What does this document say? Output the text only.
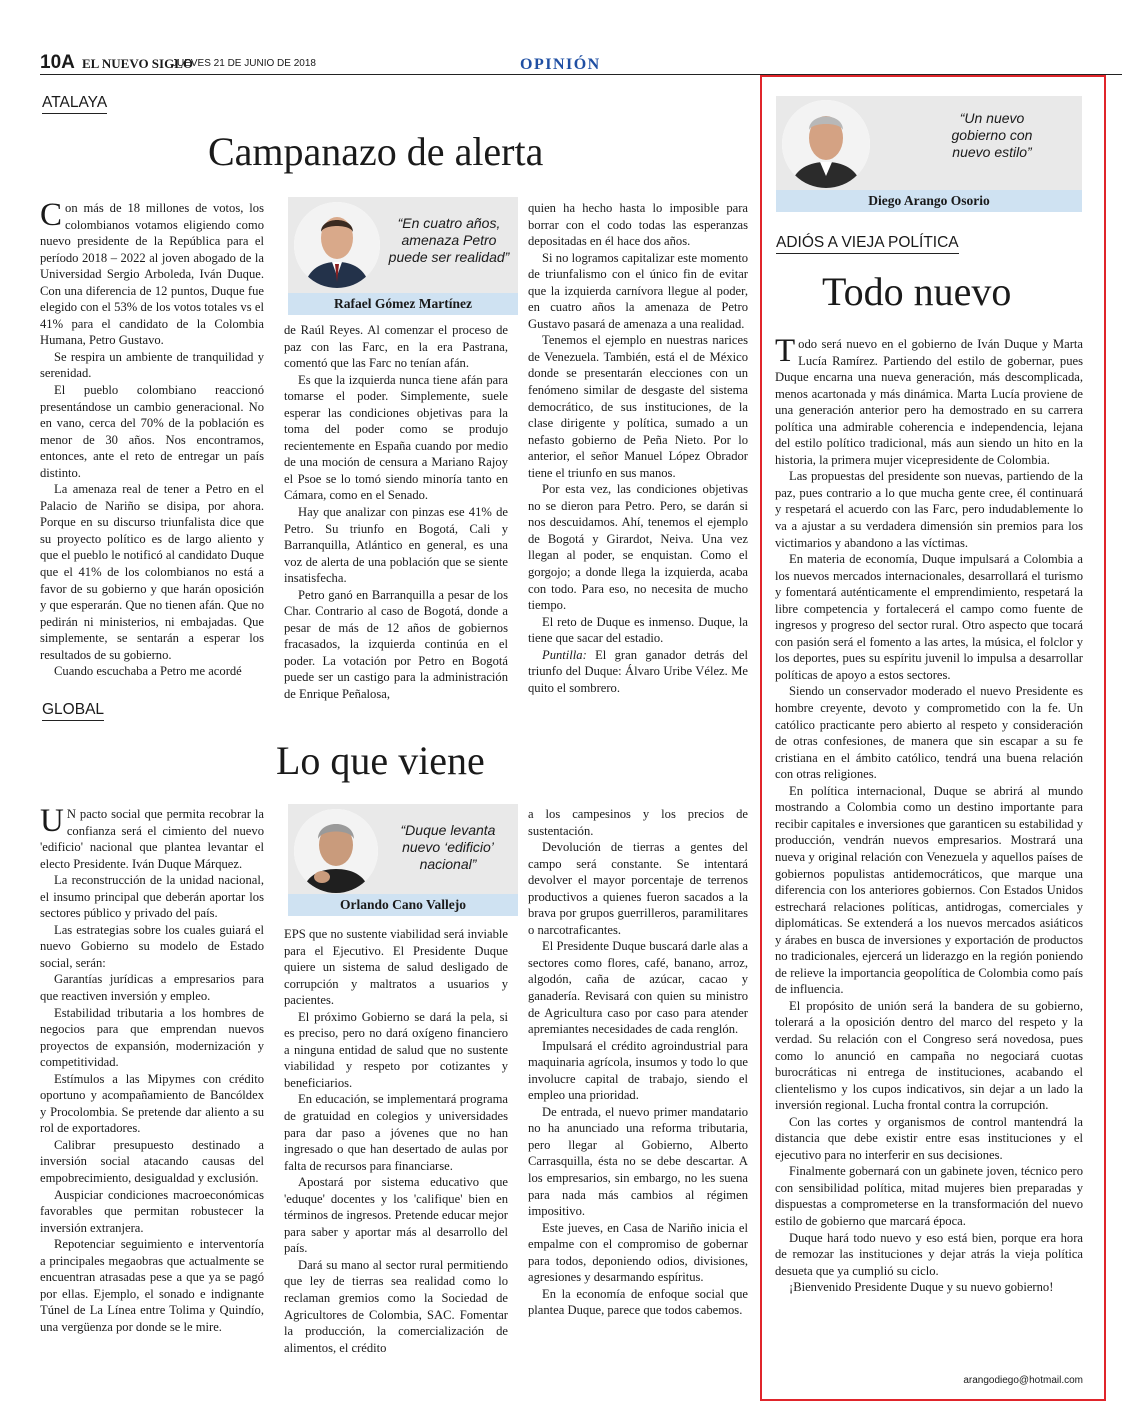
10A EL NUEVO SIGLO
JUEVES 21 DE JUNIO DE 2018	OPINIÓN
ATALAYA
Campanazo de alerta
“En cuatro años, amenaza Petro puede ser realidad”
Rafael Gómez Martínez

Con más de 18 millones de votos, los colombianos votamos eligiendo como nuevo presidente de la República para el período 2018 – 2022 al joven abogado de la Universidad Sergio Arboleda, Iván Duque. Con una diferencia de 12 puntos, Duque fue elegido con el 53% de los votos totales vs el 41% para el candidato de la Colombia Humana, Petro Gustavo.

Se respira un ambiente de tranquilidad y serenidad.

El pueblo colombiano reaccionó presentándose un cambio generacional. No en vano, cerca del 70% de la población es menor de 30 años. Nos encontramos, entonces, ante el reto de entregar un país distinto.

La amenaza real de tener a Petro en el Palacio de Nariño se disipa, por ahora. Porque en su discurso triunfalista dice que su proyecto político es de largo aliento y que el pueblo le notificó al candidato Duque que el 41% de los colombianos no está a favor de su gobierno y que harán oposición y que esperarán. Que no tienen afán. Que no pedirán ni ministerios, ni embajadas. Que simplemente, se sentarán a esperar los resultados de su gobierno.

Cuando escuchaba a Petro me acordé

de Raúl Reyes. Al comenzar el proceso de paz con las Farc, en la era Pastrana, comentó que las Farc no tenían afán.

Es que la izquierda nunca tiene afán para tomarse el poder. Simplemente, suele esperar las condiciones objetivas para la toma del poder como se produjo recientemente en España cuando por medio de una moción de censura a Mariano Rajoy el Psoe se lo tomó siendo minoría tanto en Cámara, como en el Senado.

Hay que analizar con pinzas ese 41% de Petro. Su triunfo en Bogotá, Cali y Barranquilla, Atlántico en general, es una voz de alerta de una población que se siente insatisfecha.

Petro ganó en Barranquilla a pesar de los Char. Contrario al caso de Bogotá, donde a pesar de más de 12 años de gobiernos fracasados, la izquierda continúa en el poder. La votación por Petro en Bogotá puede ser un castigo para la administración de Enrique Peñalosa,

quien ha hecho hasta lo imposible para borrar con el codo todas las esperanzas depositadas en él hace dos años.

Si no logramos capitalizar este momento de triunfalismo con el único fin de evitar que la izquierda carnívora llegue al poder, en cuatro años la amenaza de Petro Gustavo pasará de amenaza a una realidad.

Tenemos el ejemplo en nuestras narices de Venezuela. También, está el de México donde se presentarán elecciones con un fenómeno similar de desgaste del sistema democrático, de sus instituciones, de la clase dirigente y política, sumado a un nefasto gobierno de Peña Nieto. Por lo anterior, el señor Manuel López Obrador tiene el triunfo en sus manos.

Por esta vez, las condiciones objetivas no se dieron para Petro. Pero, se darán si nos descuidamos. Ahí, tenemos el ejemplo de Bogotá y Girardot, Neiva. Una vez llegan al poder, se enquistan. Como el gorgojo; a donde llega la izquierda, acaba con todo. Para eso, no necesita de mucho tiempo.

El reto de Duque es inmenso. Duque, la tiene que sacar del estadio.

Puntilla: El gran ganador detrás del triunfo del Duque: Álvaro Uribe Vélez. Me quito el sombrero.

GLOBAL
Lo que viene
“Duque levanta nuevo ‘edificio’ nacional”
Orlando Cano Vallejo

U N pacto social que permita recobrar la confianza será el cimiento del nuevo 'edificio' nacional que plantea levantar el electo Presidente. Iván Duque Márquez.

La reconstrucción de la unidad nacional, el insumo principal que deberán aportar los sectores público y privado del país.

Las estrategias sobre los cuales guiará el nuevo Gobierno su modelo de Estado social, serán:

Garantías jurídicas a empresarios para que reactiven inversión y empleo.

Estabilidad tributaria a los hombres de negocios para que emprendan nuevos proyectos de expansión, modernización y competitividad.

Estímulos a las Mipymes con crédito oportuno y acompañamiento de Bancóldex y Procolombia. Se pretende dar aliento a su rol de exportadores.

Calibrar presupuesto destinado a inversión social atacando causas del empobrecimiento, desigualdad y exclusión.

Auspiciar condiciones macroeconómicas favorables que permitan robustecer la inversión extranjera.

Repotenciar seguimiento e interventoría a principales megaobras que actualmente se encuentran atrasadas pese a que ya se pagó por ellas. Ejemplo, el sonado e indignante Túnel de La Línea entre Tolima y Quindío, una vergüenza por donde se le mire.

EPS que no sustente viabilidad será inviable para el Ejecutivo. El Presidente Duque quiere un sistema de salud desligado de corrupción y maltratos a usuarios y pacientes.

El próximo Gobierno se dará la pela, si es preciso, pero no dará oxígeno financiero a ninguna entidad de salud que no sustente viabilidad y respeto por cotizantes y beneficiarios.

En educación, se implementará programa de gratuidad en colegios y universidades para dar paso a jóvenes que no han ingresado o que han desertado de aulas por falta de recursos para financiarse.

Apostará por sistema educativo que 'eduque' docentes y los 'califique' bien en términos de ingresos. Pretende educar mejor para saber y aportar más al desarrollo del país.

Dará su mano al sector rural permitiendo que ley de tierras sea realidad como lo reclaman gremios como la Sociedad de Agricultores de Colombia, SAC. Fomentar la producción, la comercialización de alimentos, el crédito

a los campesinos y los precios de sustentación.

Devolución de tierras a gentes del campo será constante. Se intentará devolver el mayor porcentaje de terrenos productivos a quienes fueron sacados a la brava por grupos guerrilleros, paramilitares o narcotraficantes.

El Presidente Duque buscará darle alas a sectores como flores, café, banano, arroz, algodón, caña de azúcar, cacao y ganadería. Revisará con quien su ministro de Agricultura caso por caso para atender apremiantes necesidades de cada renglón.

Impulsará el crédito agroindustrial para maquinaria agrícola, insumos y todo lo que involucre capital de trabajo, siendo el empleo una prioridad.

De entrada, el nuevo primer mandatario no ha anunciado una reforma tributaria, pero llegar al Gobierno, Alberto Carrasquilla, ésta no se debe descartar. A los empresarios, sin embargo, no les suena para nada más cambios al régimen impositivo.

Este jueves, en Casa de Nariño inicia el empalme con el compromiso de gobernar para todos, deponiendo odios, divisiones, agresiones y desarmando espíritus.

En la economía de enfoque social que plantea Duque, parece que todos cabemos.

“Un nuevo gobierno con nuevo estilo”
Diego Arango Osorio
ADIÓS A VIEJA POLÍTICA
Todo nuevo

Todo será nuevo en el gobierno de Iván Duque y Marta Lucía Ramírez. Partiendo del estilo de gobernar, pues Duque encarna una nueva generación, más descomplicada, menos acartonada y más dinámica. Marta Lucía proviene de una generación anterior pero ha demostrado en su carrera política una admirable coherencia e independencia, lejana del estilo político tradicional, más aun siendo un hito en la historia, la primera mujer vicepresidente de Colombia.

Las propuestas del presidente son nuevas, partiendo de la paz, pues contrario a lo que mucha gente cree, él continuará y respetará el acuerdo con las Farc, pero indudablemente lo va a ajustar a su verdadera dimensión sin premios para los victimarios y abandono a las víctimas.

En materia de economía, Duque impulsará a Colombia a los nuevos mercados internacionales, desarrollará el turismo y fomentará auténticamente el emprendimiento, respetará la libre competencia y fortalecerá el campo como fuente de ingresos y progreso del sector rural. Otro aspecto que tocará con pasión será el fomento a las artes, la música, el folclor y los deportes, pues su espíritu juvenil lo impulsa a desarrollar políticas de apoyo a estos sectores.

Siendo un conservador moderado el nuevo Presidente es hombre creyente, devoto y comprometido con la fe. Un católico practicante pero abierto al respeto y consideración de otras confesiones, de manera que sin escapar a su fe cristiana en el ámbito católico, tendrá una buena relación con otras religiones.

En política internacional, Duque se abrirá al mundo mostrando a Colombia como un destino importante para recibir capitales e inversiones que garanticen su estabilidad y producción, vendrán nuevos empresarios. Mostrará una nueva y original relación con Venezuela y aquellos países de gobiernos populistas antidemocráticos, que marque una diferencia con los anteriores gobiernos. Con Estados Unidos estrechará relaciones políticas, antidrogas, comerciales y diplomáticas. Se extenderá a los nuevos mercados asiáticos y árabes en busca de inversiones y exportación de productos no tradicionales, ejercerá un liderazgo en la región poniendo de relieve la importancia geopolítica de Colombia como país de influencia.

El propósito de unión será la bandera de su gobierno, tolerará a la oposición dentro del marco del respeto y la verdad. Su relación con el Congreso será novedosa, pues como lo anunció en campaña no negociará cuotas burocráticas ni entrega de instituciones, acabando el clientelismo y los cupos indicativos, sin dejar a un lado la inversión regional. Lucha frontal contra la corrupción.

Con las cortes y organismos de control mantendrá la distancia que debe existir entre esas instituciones y el ejecutivo para no interferir en sus decisiones.

Finalmente gobernará con un gabinete joven, técnico pero con sensibilidad política, mitad mujeres bien preparadas y dispuestas a comprometerse en la transformación del nuevo estilo de gobierno que marcará época.

Duque hará todo nuevo y eso está bien, porque era hora de remozar las instituciones y dejar atrás la vieja política desueta que ya cumplió su ciclo.

¡Bienvenido Presidente Duque y su nuevo gobierno!

arangodiego@hotmail.com
